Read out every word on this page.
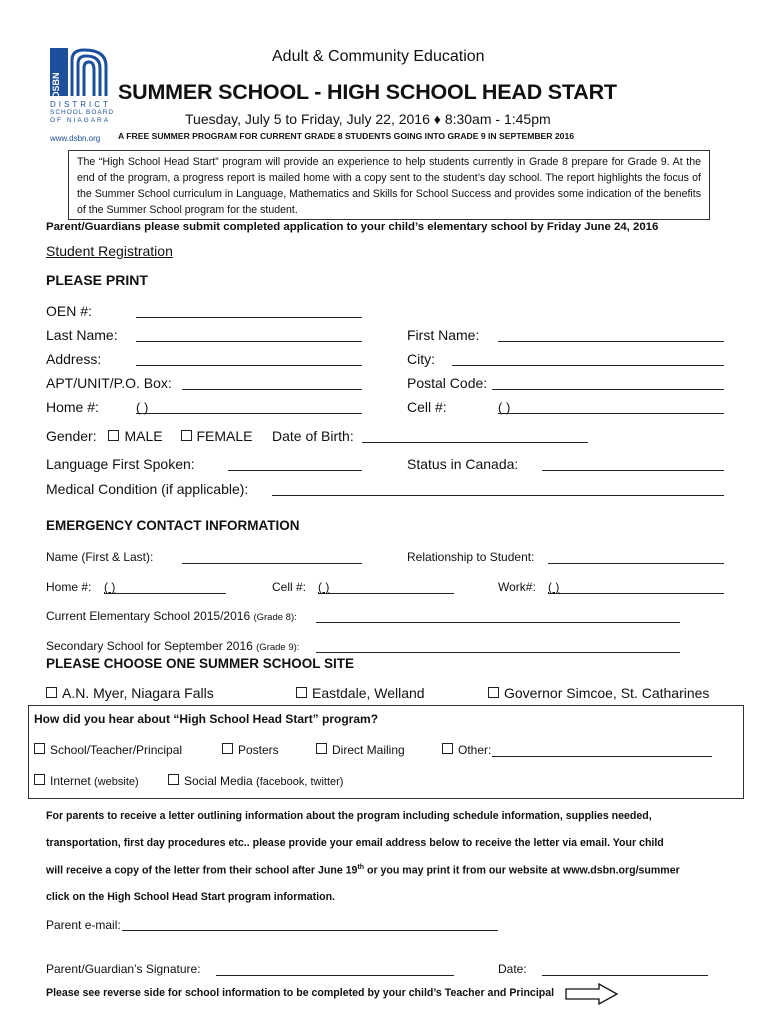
DSBN
DISTRICT
SCHOOL BOARD
OF NIAGARA
www.dsbn.org
Adult & Community Education
SUMMER SCHOOL - HIGH SCHOOL HEAD START
Tuesday, July 5 to Friday, July 22, 2016 ♦ 8:30am - 1:45pm
A FREE SUMMER PROGRAM FOR CURRENT GRADE 8 STUDENTS GOING INTO GRADE 9 IN SEPTEMBER 2016

The “High School Head Start” program will provide an experience to help students currently in Grade 8 prepare for Grade 9. At the end of the program, a progress report is mailed home with a copy sent to the student’s day school. The report highlights the focus of the Summer School curriculum in Language, Mathematics and Skills for School Success and provides some indication of the benefits of the Summer School program for the student.

Parent/Guardians please submit completed application to your child’s elementary school by Friday June 24, 2016
Student Registration
PLEASE PRINT
OEN #:
Last Name:	First Name:
Address:	City:
APT/UNIT/P.O. Box:	Postal Code:
Home #:	( )	Cell #:	( )
Gender: MALE FEMALE Date of Birth:
Language First Spoken:	Status in Canada:
Medical Condition (if applicable):
EMERGENCY CONTACT INFORMATION
Name (First & Last):	Relationship to Student:
Home #: ( )	Cell #: ( )	Work#: ( )
Current Elementary School 2015/2016 (Grade 8):
Secondary School for September 2016 (Grade 9):
PLEASE CHOOSE ONE SUMMER SCHOOL SITE
A.N. Myer, Niagara Falls	Eastdale, Welland	Governor Simcoe, St. Catharines
How did you hear about “High School Head Start” program?
School/Teacher/Principal	Posters	Direct Mailing	Other:
Internet (website)	Social Media (facebook, twitter)
For parents to receive a letter outlining information about the program including schedule information, supplies needed,
transportation, first day procedures etc.. please provide your email address below to receive the letter via email. Your child
will receive a copy of the letter from their school after June 19th or you may print it from our website at www.dsbn.org/summer
click on the High School Head Start program information.
Parent e-mail:
Parent/Guardian’s Signature:	Date:
Please see reverse side for school information to be completed by your child’s Teacher and Principal
